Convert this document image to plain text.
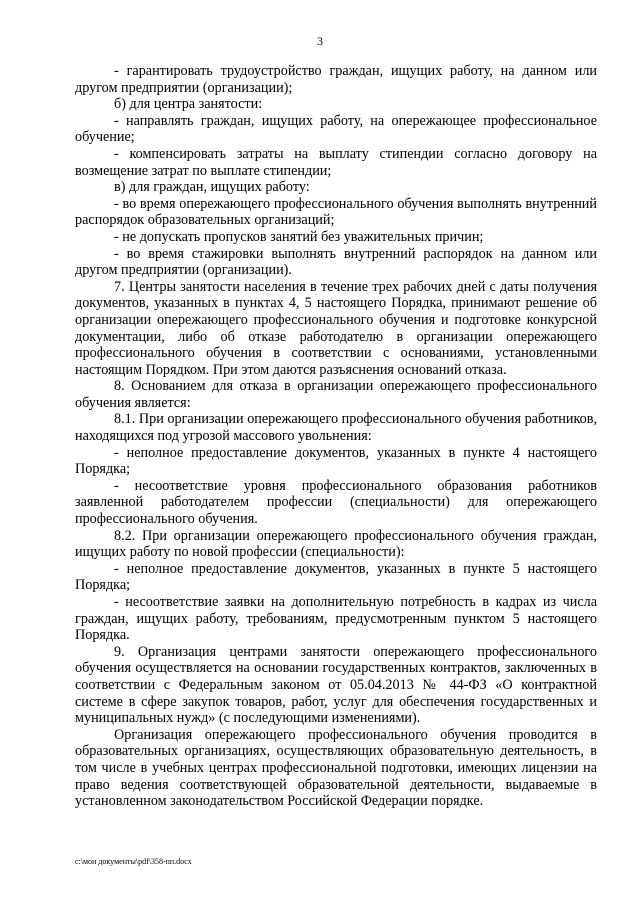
3

- гарантировать трудоустройство граждан, ищущих работу, на данном или другом предприятии (организации);

б) для центра занятости:

- направлять граждан, ищущих работу, на опережающее профессиональное обучение;

- компенсировать затраты на выплату стипендии согласно договору на возмещение затрат по выплате стипендии;

в) для граждан, ищущих работу:

- во время опережающего профессионального обучения выполнять внутренний распорядок образовательных организаций;

- не допускать пропусков занятий без уважительных причин;

- во время стажировки выполнять внутренний распорядок на данном или другом предприятии (организации).

7. Центры занятости населения в течение трех рабочих дней с даты получения документов, указанных в пунктах 4, 5 настоящего Порядка, принимают решение об организации опережающего профессионального обучения и подготовке конкурсной документации, либо об отказе работодателю в организации опережающего профессионального обучения в соответствии с основаниями, установленными настоящим Порядком. При этом даются разъяснения оснований отказа.

8. Основанием для отказа в организации опережающего профессионального обучения является:

8.1. При организации опережающего профессионального обучения работников, находящихся под угрозой массового увольнения:

- неполное предоставление документов, указанных в пункте 4 настоящего Порядка;

- несоответствие уровня профессионального образования работников заявленной работодателем профессии (специальности) для опережающего профессионального обучения.

8.2. При организации опережающего профессионального обучения граждан, ищущих работу по новой профессии (специальности):

- неполное предоставление документов, указанных в пункте 5 настоящего Порядка;

- несоответствие заявки на дополнительную потребность в кадрах из числа граждан, ищущих работу, требованиям, предусмотренным пунктом 5 настоящего Порядка.

9. Организация центрами занятости опережающего профессионального обучения осуществляется на основании государственных контрактов, заключенных в соответствии с Федеральным законом от 05.04.2013 № 44-ФЗ «О контрактной системе в сфере закупок товаров, работ, услуг для обеспечения государственных и муниципальных нужд» (с последующими изменениями).

Организация опережающего профессионального обучения проводится в образовательных организациях, осуществляющих образовательную деятельность, в том числе в учебных центрах профессиональной подготовки, имеющих лицензии на право ведения соответствующей образовательной деятельности, выдаваемые в установленном законодательством Российской Федерации порядке.

c:\мои документы\pdf\358-пп.docx
